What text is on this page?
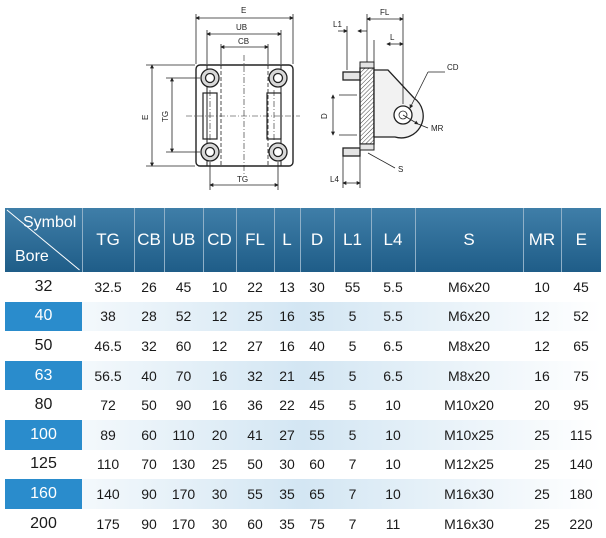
E
UB
CB
E TG
TG
L1
FL
L
CD
D
MR
L4
S
Symbol
Bore	TG	CB	UB	CD	FL	L	D	L1	L4	S	MR	E
32	32.5	26	45	10	22	13	30	55	5.5	M6x20	10	45
40	38	28	52	12	25	16	35	5	5.5	M6x20	12	52
50	46.5	32	60	12	27	16	40	5	6.5	M8x20	12	65
63	56.5	40	70	16	32	21	45	5	6.5	M8x20	16	75
80	72	50	90	16	36	22	45	5	10	M10x20	20	95
100	89	60	110	20	41	27	55	5	10	M10x25	25	115
125	110	70	130	25	50	30	60	7	10	M12x25	25	140
160	140	90	170	30	55	35	65	7	10	M16x30	25	180
200	175	90	170	30	60	35	75	7	11	M16x30	25	220
